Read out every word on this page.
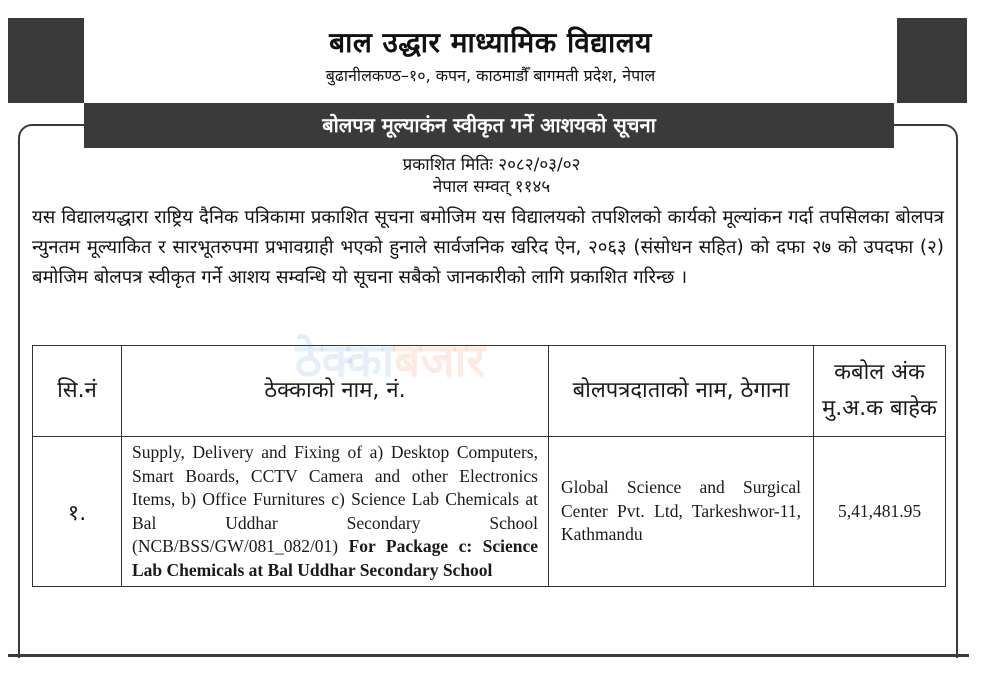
बाल उद्धार माध्यामिक विद्यालय
बुढानीलकण्ठ–१०, कपन, काठमाडौँ बागमती प्रदेश, नेपाल
बोलपत्र मूल्याकंन स्वीकृत गर्ने आशयको सूचना
प्रकाशित मितिः २०८२/०३/०२
नेपाल सम्वत् ११४५
यस विद्यालयद्धारा राष्ट्रिय दैनिक पत्रिकामा प्रकाशित सूचना बमोजिम यस विद्यालयको तपशिलको कार्यको मूल्यांकन गर्दा तपसिलका बोलपत्र न्युनतम मूल्याकित र सारभूतरुपमा प्रभावग्राही भएको हुनाले सार्वजनिक खरिद ऐन, २०६३ (संसोधन सहित) को दफा २७ को उपदफा (२) बमोजिम बोलपत्र स्वीकृत गर्ने आशय सम्वन्धि यो सूचना सबैको जानकारीको लागि प्रकाशित गरिन्छ ।
सि.नं	ठेक्काको नाम, नं.	बोलपत्रदाताको नाम, ठेगाना	कबोल अंक मु.अ.क बाहेक
१.	Supply, Delivery and Fixing of a) Desktop Computers, Smart Boards, CCTV Camera and other Electronics Items, b) Office Furnitures c) Science Lab Chemicals at Bal Uddhar Secondary School (NCB/BSS/GW/081_082/01) For Package c: Science Lab Chemicals at Bal Uddhar Secondary School	Global Science and Surgical Center Pvt. Ltd, Tarkeshwor-11, Kathmandu	5,41,481.95
ठेक्काबजार
